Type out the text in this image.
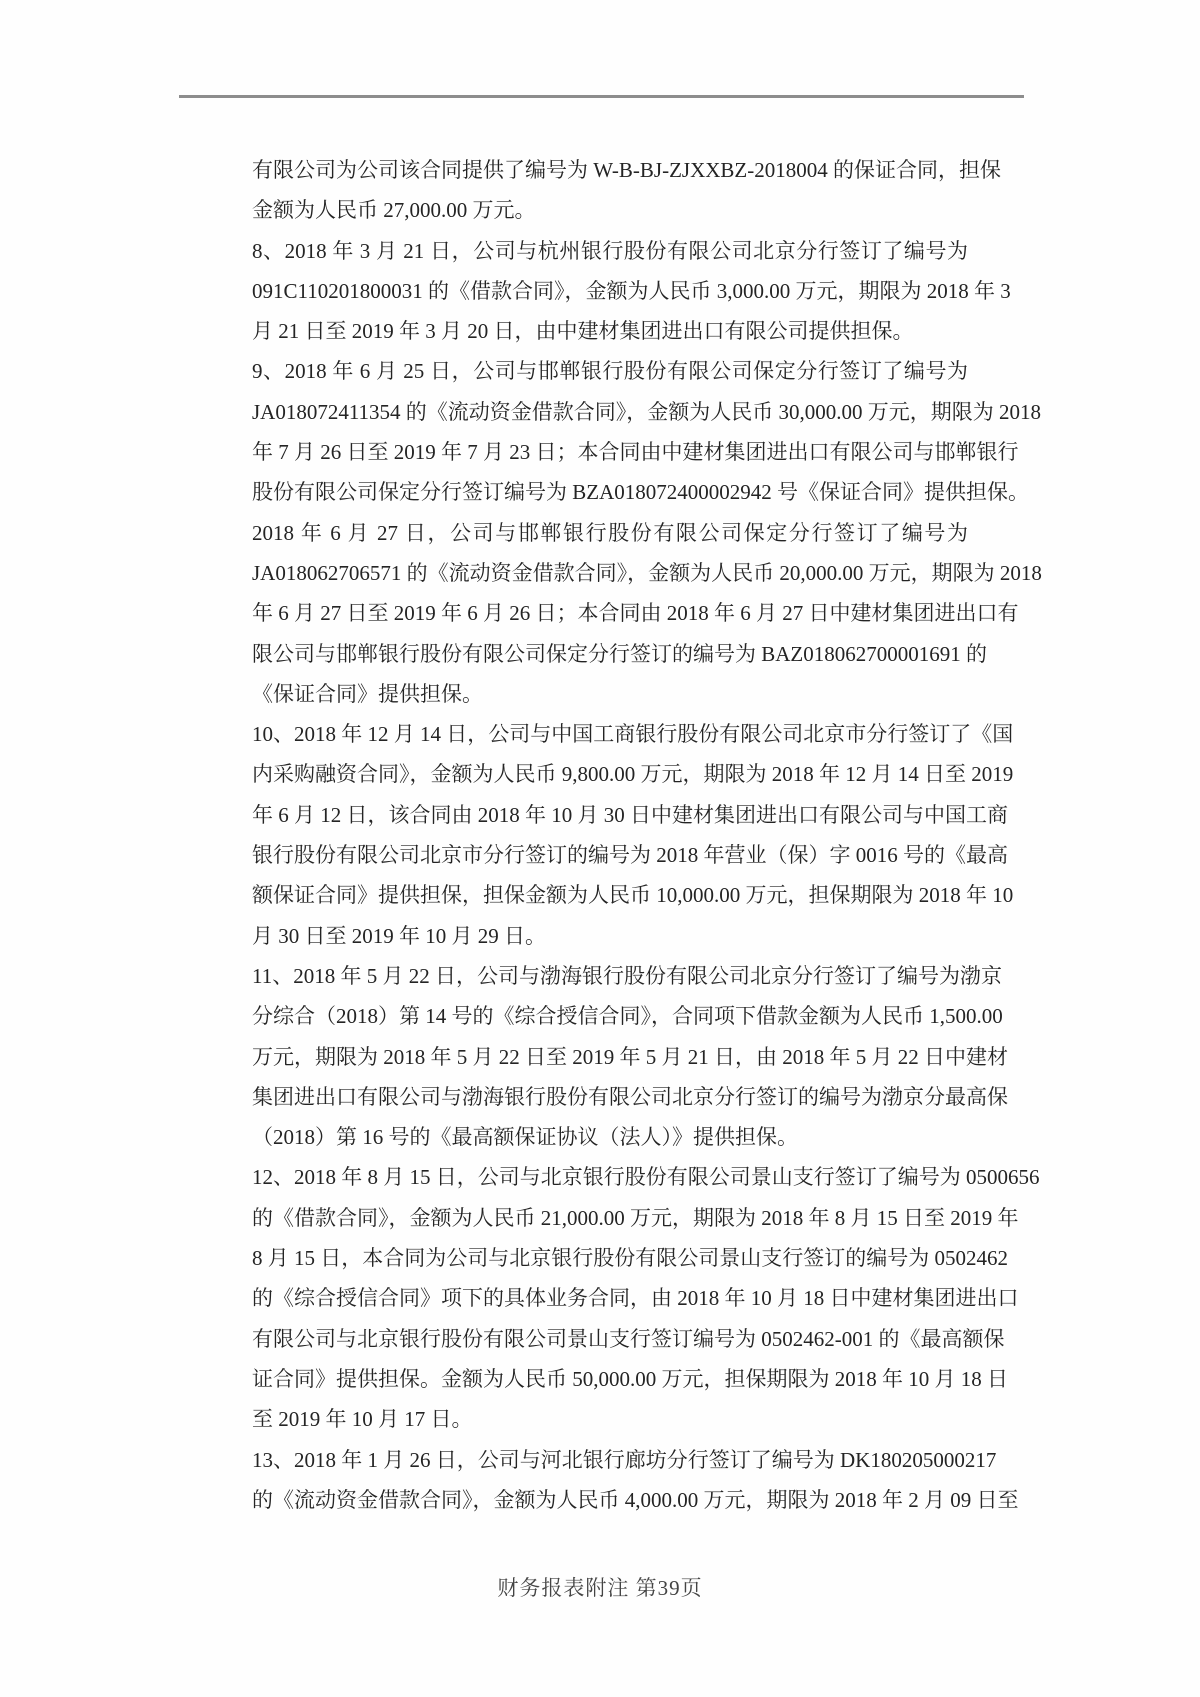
有限公司为公司该合同提供了编号为 W-B-BJ-ZJXXBZ-2018004 的保证合同，担保
金额为人民币 27,000.00 万元。
8、2018 年 3 月 21 日，公司与杭州银行股份有限公司北京分行签订了编号为
091C110201800031 的《借款合同》，金额为人民币 3,000.00 万元，期限为 2018 年 3
月 21 日至 2019 年 3 月 20 日，由中建材集团进出口有限公司提供担保。
9、2018 年 6 月 25 日，公司与邯郸银行股份有限公司保定分行签订了编号为
JA018072411354 的《流动资金借款合同》，金额为人民币 30,000.00 万元，期限为 2018
年 7 月 26 日至 2019 年 7 月 23 日；本合同由中建材集团进出口有限公司与邯郸银行
股份有限公司保定分行签订编号为 BZA018072400002942 号《保证合同》提供担保。
2018 年 6 月 27 日，公司与邯郸银行股份有限公司保定分行签订了编号为
JA018062706571 的《流动资金借款合同》，金额为人民币 20,000.00 万元，期限为 2018
年 6 月 27 日至 2019 年 6 月 26 日；本合同由 2018 年 6 月 27 日中建材集团进出口有
限公司与邯郸银行股份有限公司保定分行签订的编号为 BAZ018062700001691 的
《保证合同》提供担保。
10、2018 年 12 月 14 日，公司与中国工商银行股份有限公司北京市分行签订了《国
内采购融资合同》，金额为人民币 9,800.00 万元，期限为 2018 年 12 月 14 日至 2019
年 6 月 12 日，该合同由 2018 年 10 月 30 日中建材集团进出口有限公司与中国工商
银行股份有限公司北京市分行签订的编号为 2018 年营业（保）字 0016 号的《最高
额保证合同》提供担保，担保金额为人民币 10,000.00 万元，担保期限为 2018 年 10
月 30 日至 2019 年 10 月 29 日。
11、2018 年 5 月 22 日，公司与渤海银行股份有限公司北京分行签订了编号为渤京
分综合（2018）第 14 号的《综合授信合同》，合同项下借款金额为人民币 1,500.00
万元，期限为 2018 年 5 月 22 日至 2019 年 5 月 21 日，由 2018 年 5 月 22 日中建材
集团进出口有限公司与渤海银行股份有限公司北京分行签订的编号为渤京分最高保
（2018）第 16 号的《最高额保证协议（法人）》提供担保。
12、2018 年 8 月 15 日，公司与北京银行股份有限公司景山支行签订了编号为 0500656
的《借款合同》，金额为人民币 21,000.00 万元，期限为 2018 年 8 月 15 日至 2019 年
8 月 15 日，本合同为公司与北京银行股份有限公司景山支行签订的编号为 0502462
的《综合授信合同》项下的具体业务合同，由 2018 年 10 月 18 日中建材集团进出口
有限公司与北京银行股份有限公司景山支行签订编号为 0502462-001 的《最高额保
证合同》提供担保。金额为人民币 50,000.00 万元，担保期限为 2018 年 10 月 18 日
至 2019 年 10 月 17 日。
13、2018 年 1 月 26 日，公司与河北银行廊坊分行签订了编号为 DK180205000217
的《流动资金借款合同》，金额为人民币 4,000.00 万元，期限为 2018 年 2 月 09 日至
财务报表附注 第39页
